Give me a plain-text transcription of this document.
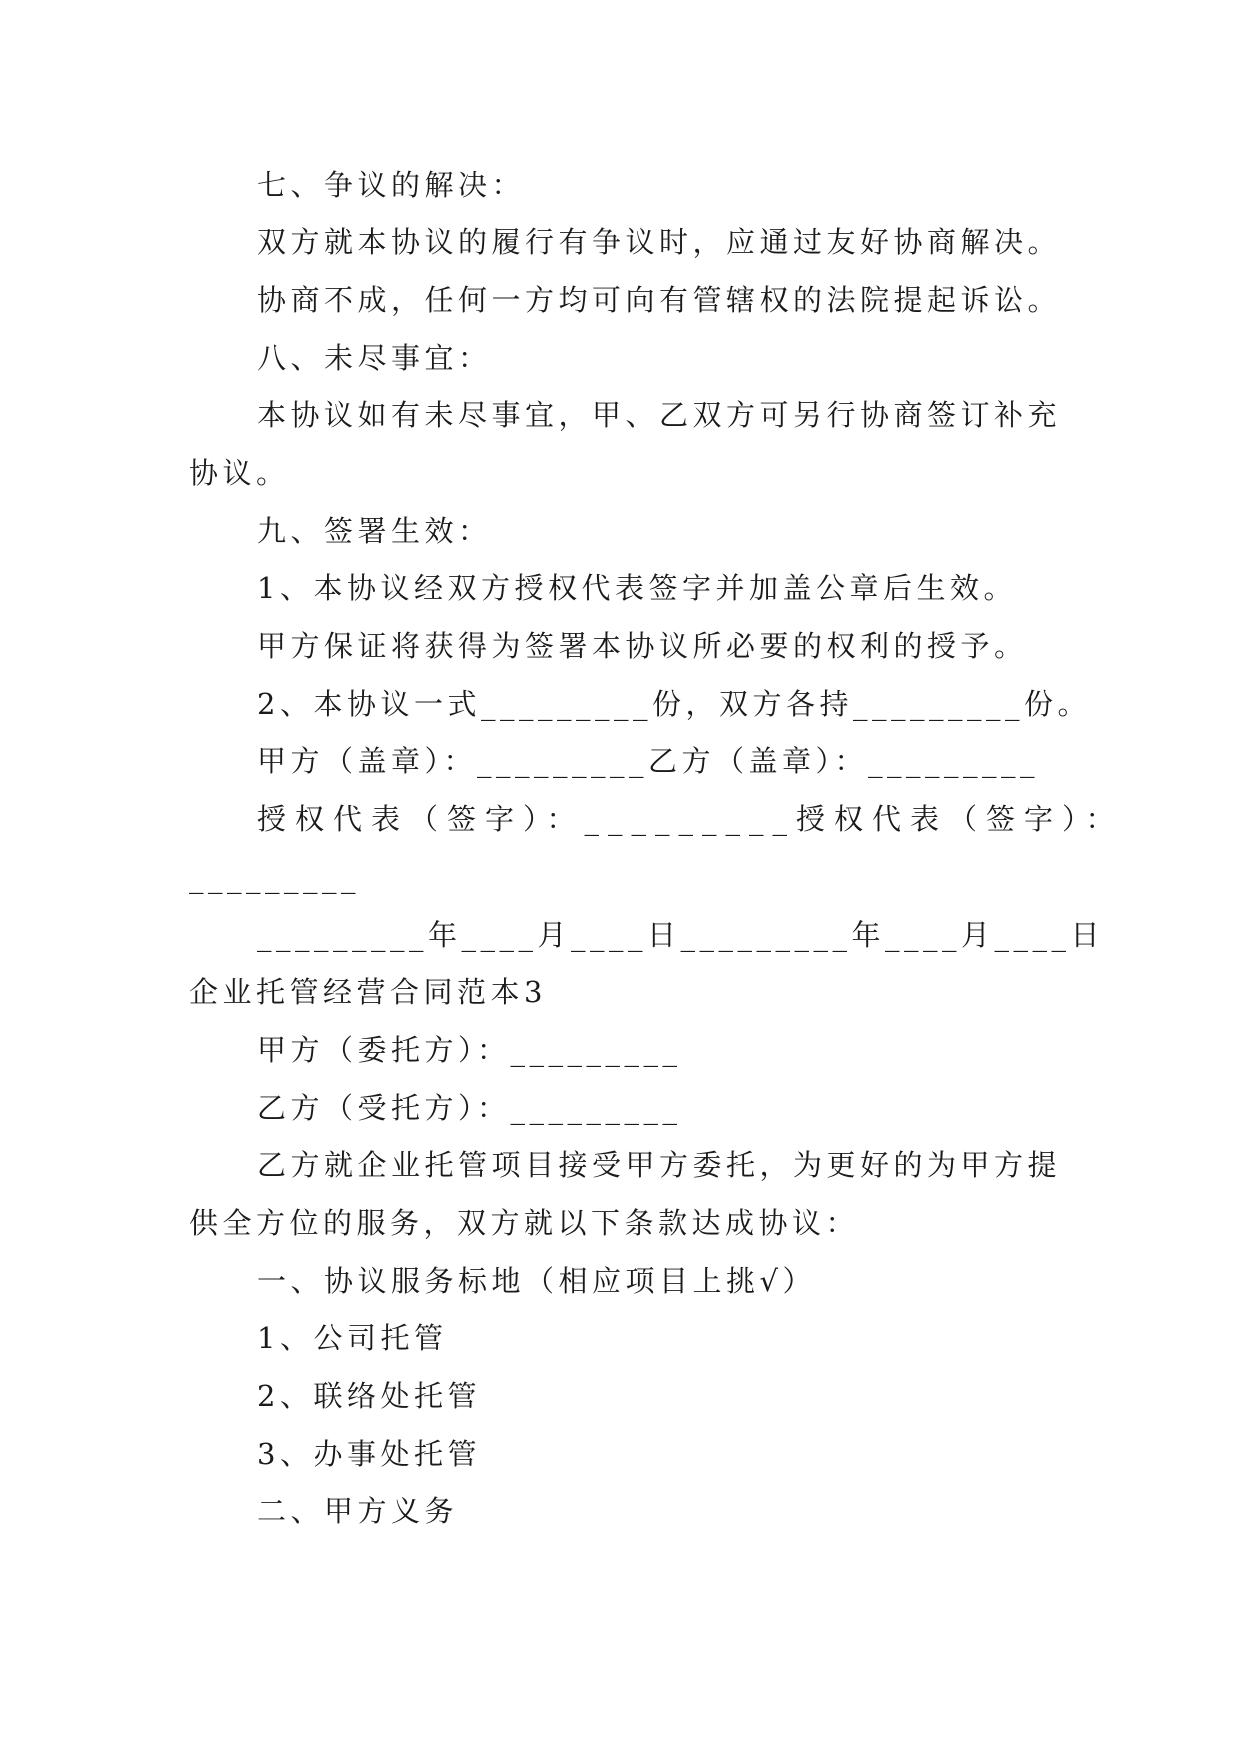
七、争议的解决：
双方就本协议的履行有争议时，应通过友好协商解决。
协商不成，任何一方均可向有管辖权的法院提起诉讼。
八、未尽事宜：
本协议如有未尽事宜，甲、乙双方可另行协商签订补充
协议。
九、签署生效：
1、本协议经双方授权代表签字并加盖公章后生效。
甲方保证将获得为签署本协议所必要的权利的授予。
2、本协议一式_________份，双方各持_________份。
甲方（盖章）：_________乙方（盖章）：_________
授权代表（签字）：_________授权代表（签字）：
_________
_________年____月____日_________年____月____日
企业托管经营合同范本3
甲方（委托方）：_________
乙方（受托方）：_________
乙方就企业托管项目接受甲方委托，为更好的为甲方提
供全方位的服务，双方就以下条款达成协议：
一、协议服务标地（相应项目上挑√）
1、公司托管
2、联络处托管
3、办事处托管
二、甲方义务
